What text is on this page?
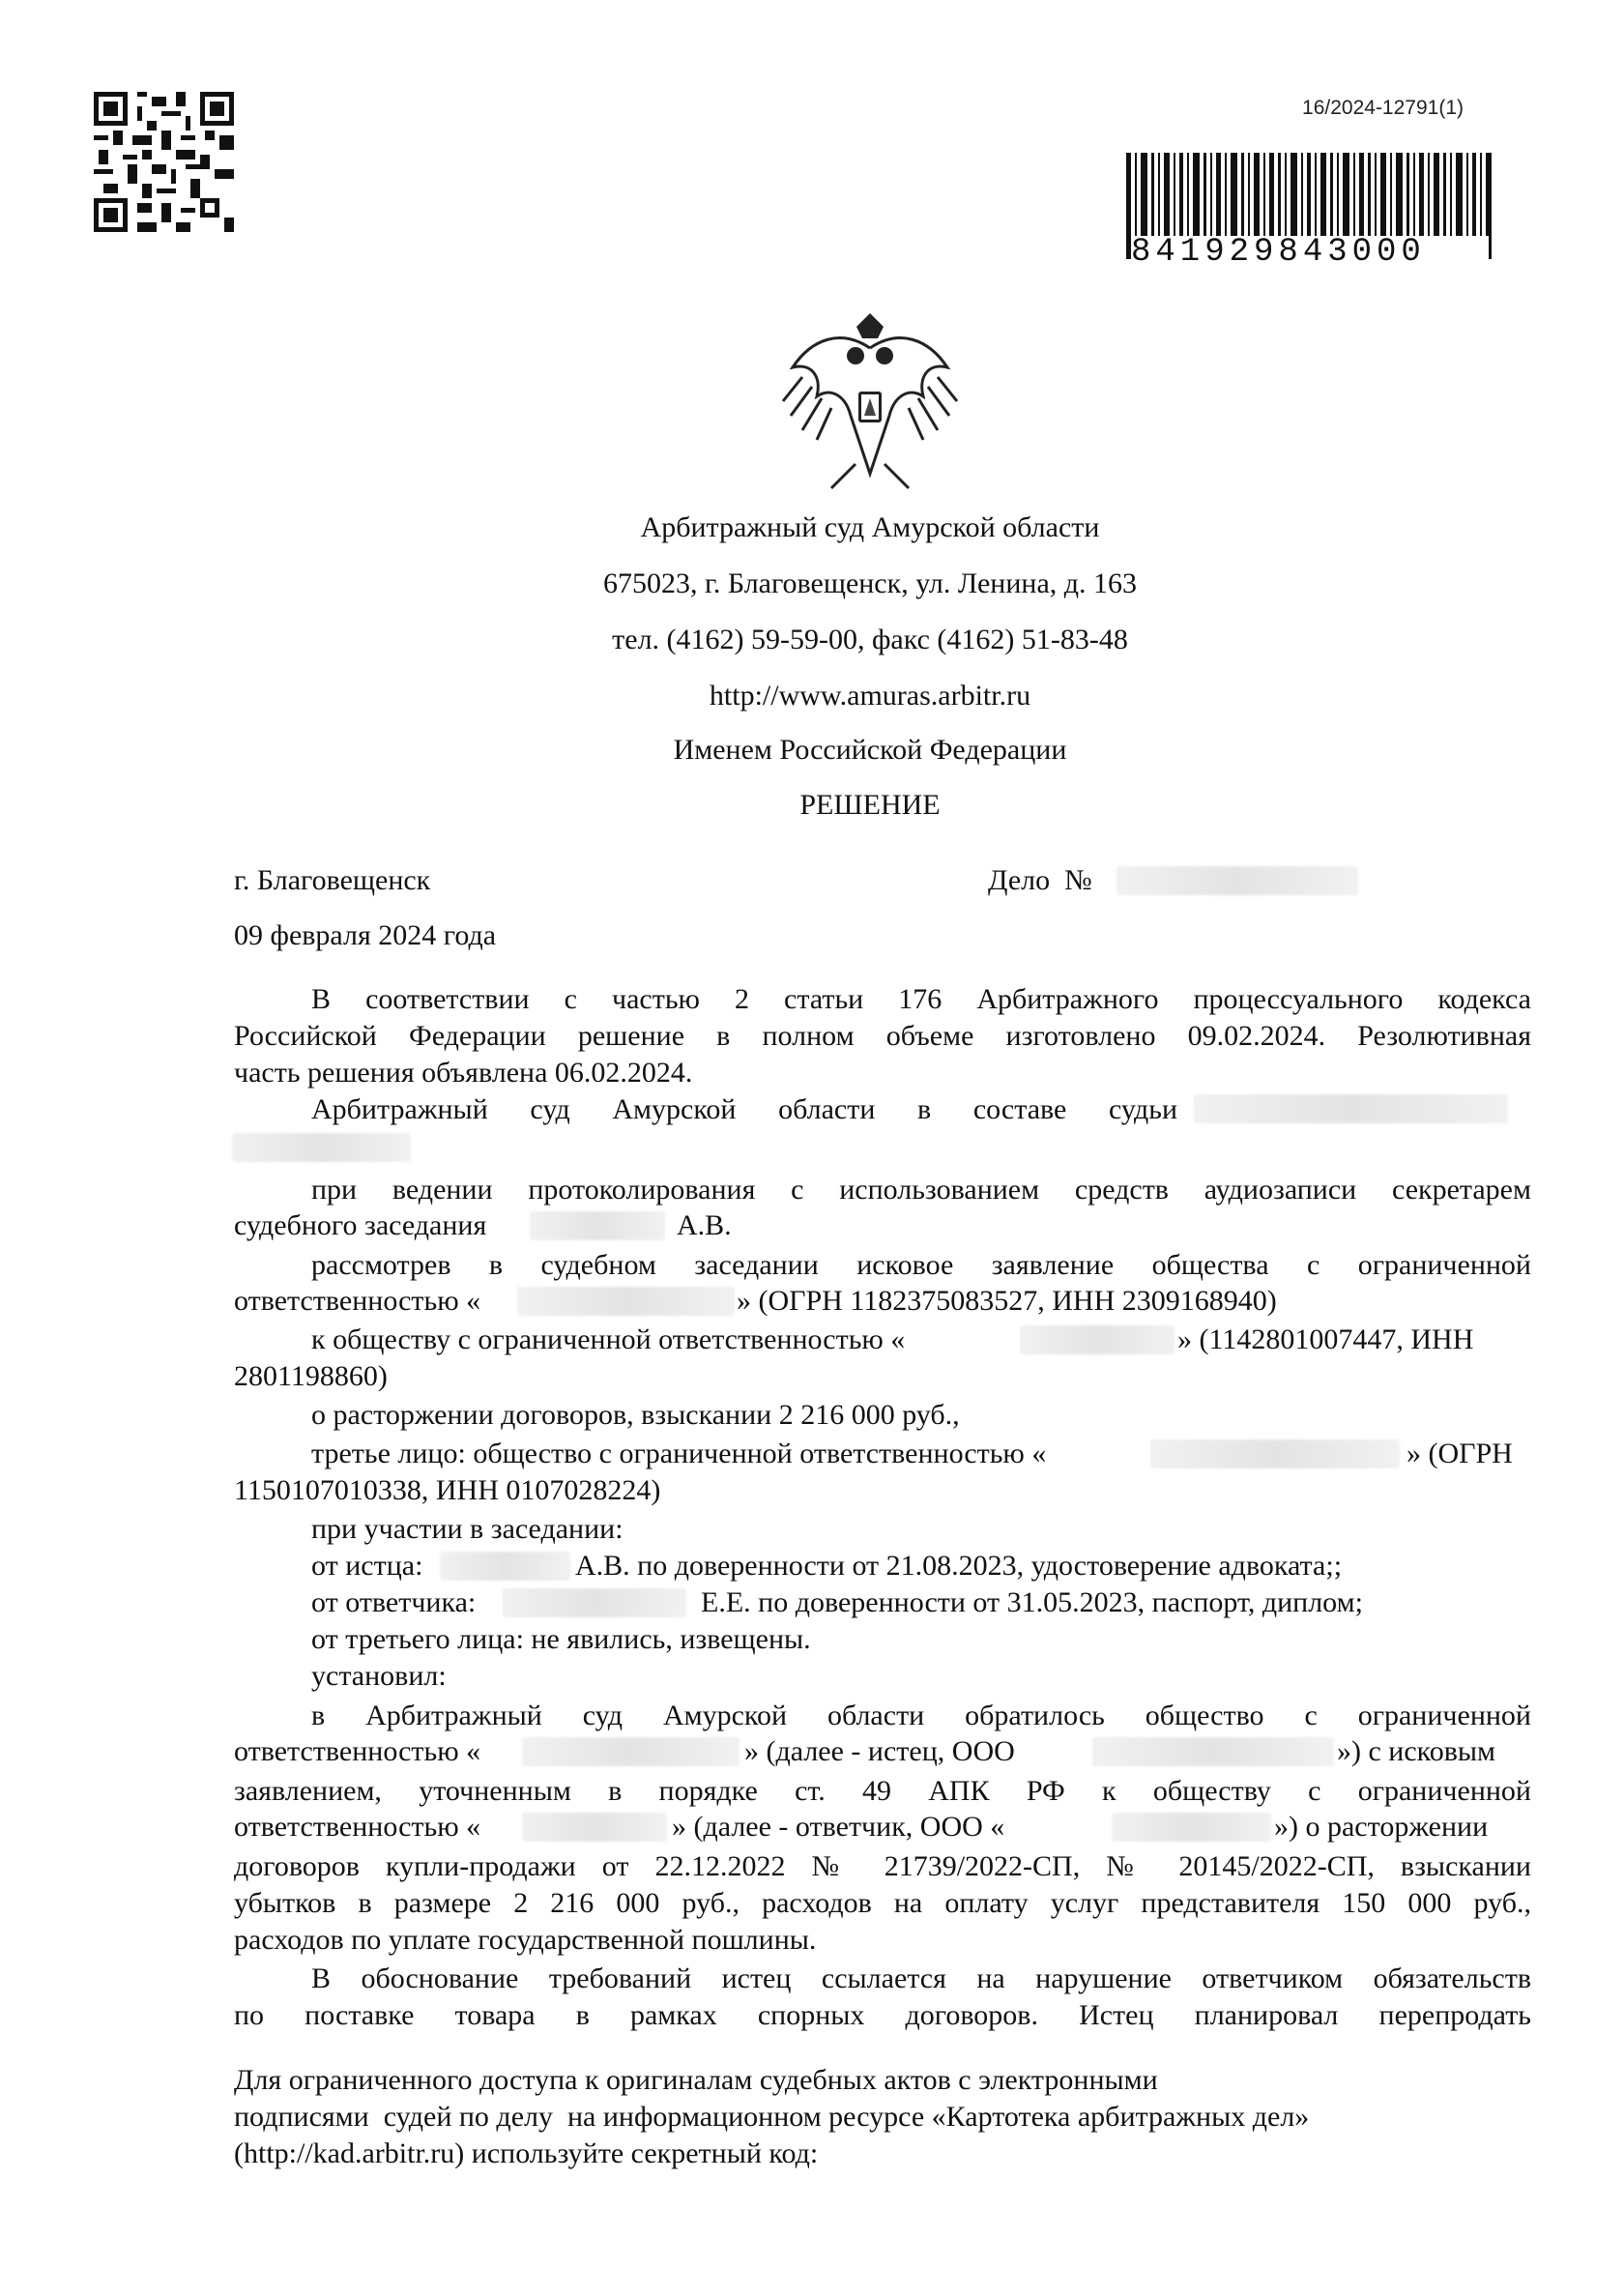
16/2024-12791(1)
841929843000
Арбитражный суд Амурской области
675023, г. Благовещенск, ул. Ленина, д. 163
тел. (4162) 59-59-00, факс (4162) 51-83-48
http://www.amuras.arbitr.ru
Именем Российской Федерации
РЕШЕНИЕ
г. Благовещенск	Дело  №
09 февраля 2024 года
В соответствии с частью 2 статьи 176 Арбитражного процессуального кодекса
Российской Федерации решение в полном объеме изготовлено 09.02.2024. Резолютивная
часть решения объявлена 06.02.2024.
Арбитражный суд Амурской области в составе судьи
при ведении протоколирования с использованием средств аудиозаписи секретарем
судебного заседания	А.В.
рассмотрев в судебном заседании исковое заявление общества с ограниченной
ответственностью «	» (ОГРН 1182375083527, ИНН 2309168940)
к обществу с ограниченной ответственностью «	» (1142801007447, ИНН
2801198860)
о расторжении договоров, взыскании 2 216 000 руб.,
третье лицо: общество с ограниченной ответственностью «	» (ОГРН
1150107010338, ИНН 0107028224)
при участии в заседании:
от истца:	А.В. по доверенности от 21.08.2023, удостоверение адвоката;;
от ответчика:	Е.Е. по доверенности от 31.05.2023, паспорт, диплом;
от третьего лица: не явились, извещены.
установил:
в Арбитражный суд Амурской области обратилось общество с ограниченной
ответственностью «	» (далее - истец, ООО	») с исковым
заявлением, уточненным в порядке ст. 49 АПК РФ к обществу с ограниченной
ответственностью «	» (далее - ответчик, ООО «	») о расторжении
договоров купли-продажи от 22.12.2022 № 21739/2022-СП, № 20145/2022-СП, взыскании
убытков в размере 2 216 000 руб., расходов на оплату услуг представителя 150 000 руб.,
расходов по уплате государственной пошлины.
В обоснование требований истец ссылается на нарушение ответчиком обязательств
по поставке товара в рамках спорных договоров. Истец планировал перепродать
Для ограниченного доступа к оригиналам судебных актов с электронными
подписями  судей по делу  на информационном ресурсе «Картотека арбитражных дел»
(http://kad.arbitr.ru) используйте секретный код:
